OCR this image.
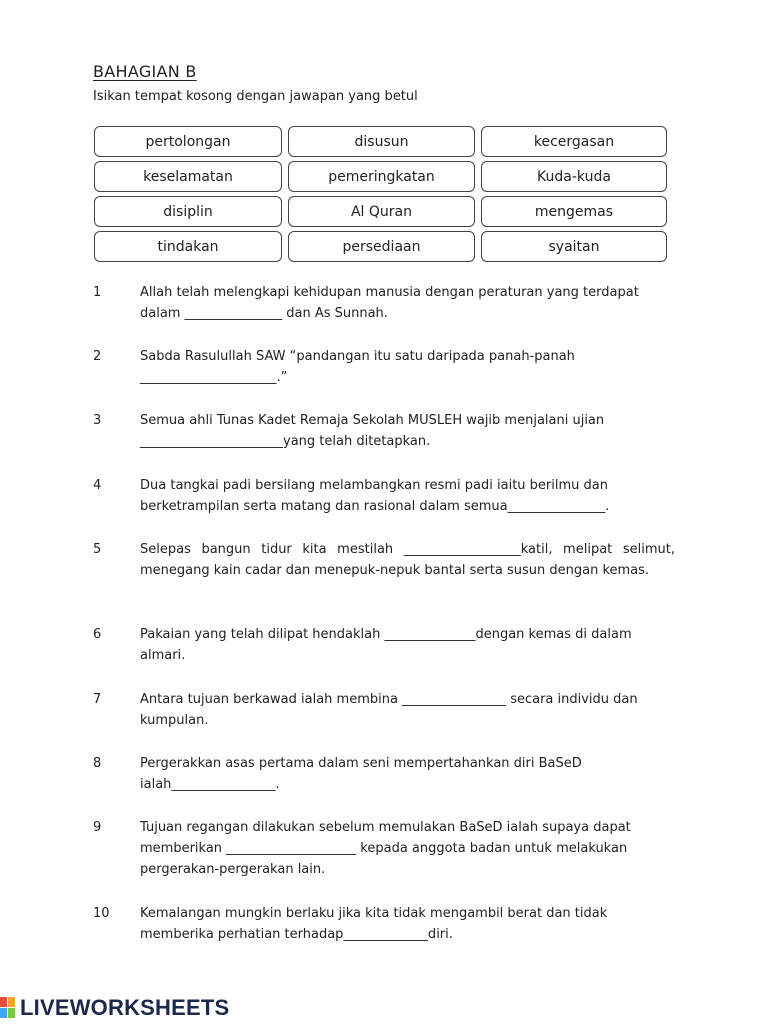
BAHAGIAN B
Isikan tempat kosong dengan jawapan yang betul
pertolongan	disusun	kecergasan
keselamatan	pemeringkatan	Kuda-kuda
disiplin	Al Quran	mengemas
tindakan	persediaan	syaitan
1	Allah telah melengkapi kehidupan manusia dengan peraturan yang terdapat dalam _______________ dan As Sunnah.
2	Sabda Rasulullah SAW “pandangan itu satu daripada panah-panah _____________________.”
3	Semua ahli Tunas Kadet Remaja Sekolah MUSLEH wajib menjalani ujian ______________________yang telah ditetapkan.
4	Dua tangkai padi bersilang melambangkan resmi padi iaitu berilmu dan berketrampilan serta matang dan rasional dalam semua_______________.
5	Selepas bangun tidur kita mestilah __________________katil, melipat selimut, menegang kain cadar dan menepuk-nepuk bantal serta susun dengan kemas.
6	Pakaian yang telah dilipat hendaklah ______________dengan kemas di dalam almari.
7	Antara tujuan berkawad ialah membina ________________ secara individu dan kumpulan.
8	Pergerakkan asas pertama dalam seni mempertahankan diri BaSeD ialah________________.
9	Tujuan regangan dilakukan sebelum memulakan BaSeD ialah supaya dapat memberikan ____________________ kepada anggota badan untuk melakukan pergerakan-pergerakan lain.
10	Kemalangan mungkin berlaku jika kita tidak mengambil berat dan tidak memberika perhatian terhadap_____________diri.
LIVEWORKSHEETS
